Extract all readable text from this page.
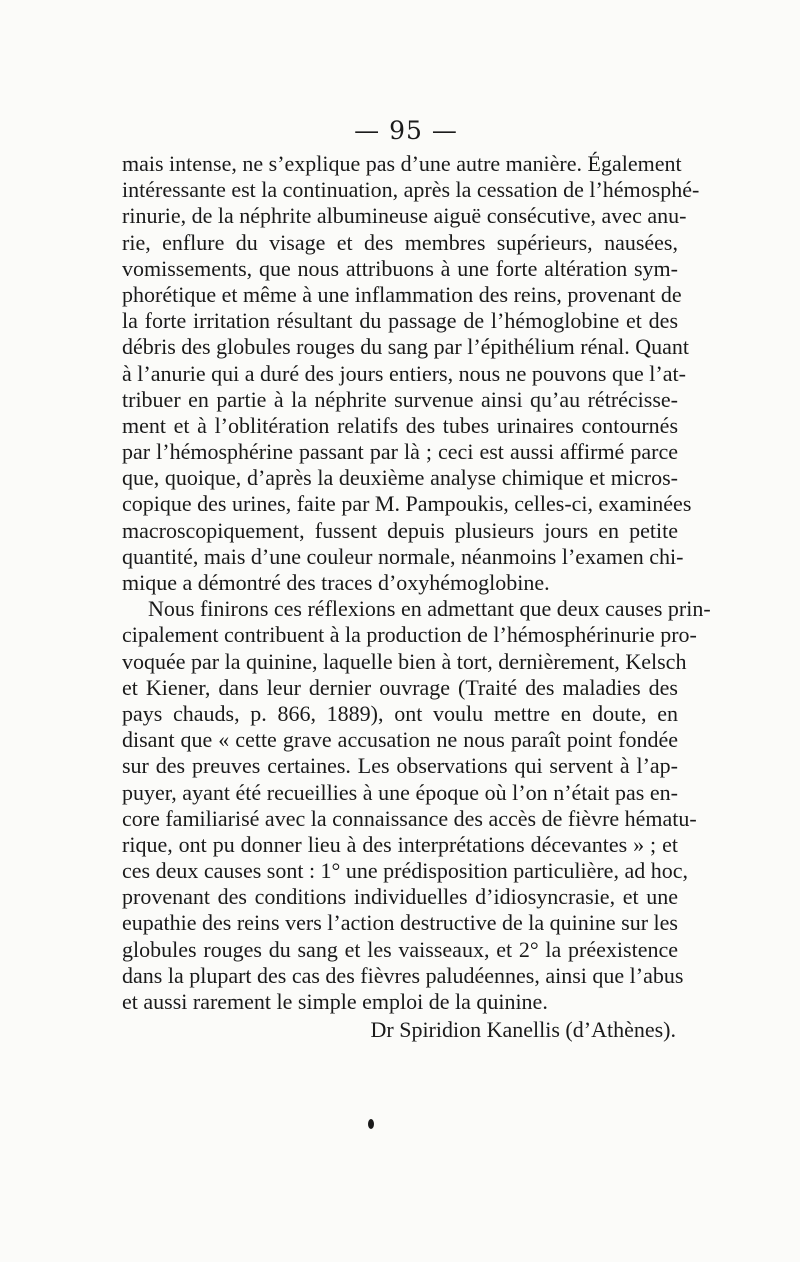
— 95 —
mais intense, ne s’explique pas d’une autre manière. Également
intéressante est la continuation, après la cessation de l’hémosphé-
rinurie, de la néphrite albumineuse aiguë consécutive, avec anu-
rie, enflure du visage et des membres supérieurs, nausées,
vomissements, que nous attribuons à une forte altération sym-
phorétique et même à une inflammation des reins, provenant de
la forte irritation résultant du passage de l’hémoglobine et des
débris des globules rouges du sang par l’épithélium rénal. Quant
à l’anurie qui a duré des jours entiers, nous ne pouvons que l’at-
tribuer en partie à la néphrite survenue ainsi qu’au rétrécisse-
ment et à l’oblitération relatifs des tubes urinaires contournés
par l’hémosphérine passant par là ; ceci est aussi affirmé parce
que, quoique, d’après la deuxième analyse chimique et micros-
copique des urines, faite par M. Pampoukis, celles-ci, examinées
macroscopiquement, fussent depuis plusieurs jours en petite
quantité, mais d’une couleur normale, néanmoins l’examen chi-
mique a démontré des traces d’oxyhémoglobine.
Nous finirons ces réflexions en admettant que deux causes prin-
cipalement contribuent à la production de l’hémosphérinurie pro-
voquée par la quinine, laquelle bien à tort, dernièrement, Kelsch
et Kiener, dans leur dernier ouvrage (Traité des maladies des
pays chauds, p. 866, 1889), ont voulu mettre en doute, en
disant que « cette grave accusation ne nous paraît point fondée
sur des preuves certaines. Les observations qui servent à l’ap-
puyer, ayant été recueillies à une époque où l’on n’était pas en-
core familiarisé avec la connaissance des accès de fièvre hématu-
rique, ont pu donner lieu à des interprétations décevantes » ; et
ces deux causes sont : 1° une prédisposition particulière, ad hoc,
provenant des conditions individuelles d’idiosyncrasie, et une
eupathie des reins vers l’action destructive de la quinine sur les
globules rouges du sang et les vaisseaux, et 2° la préexistence
dans la plupart des cas des fièvres paludéennes, ainsi que l’abus
et aussi rarement le simple emploi de la quinine.
Dr Spiridion Kanellis (d’Athènes).
